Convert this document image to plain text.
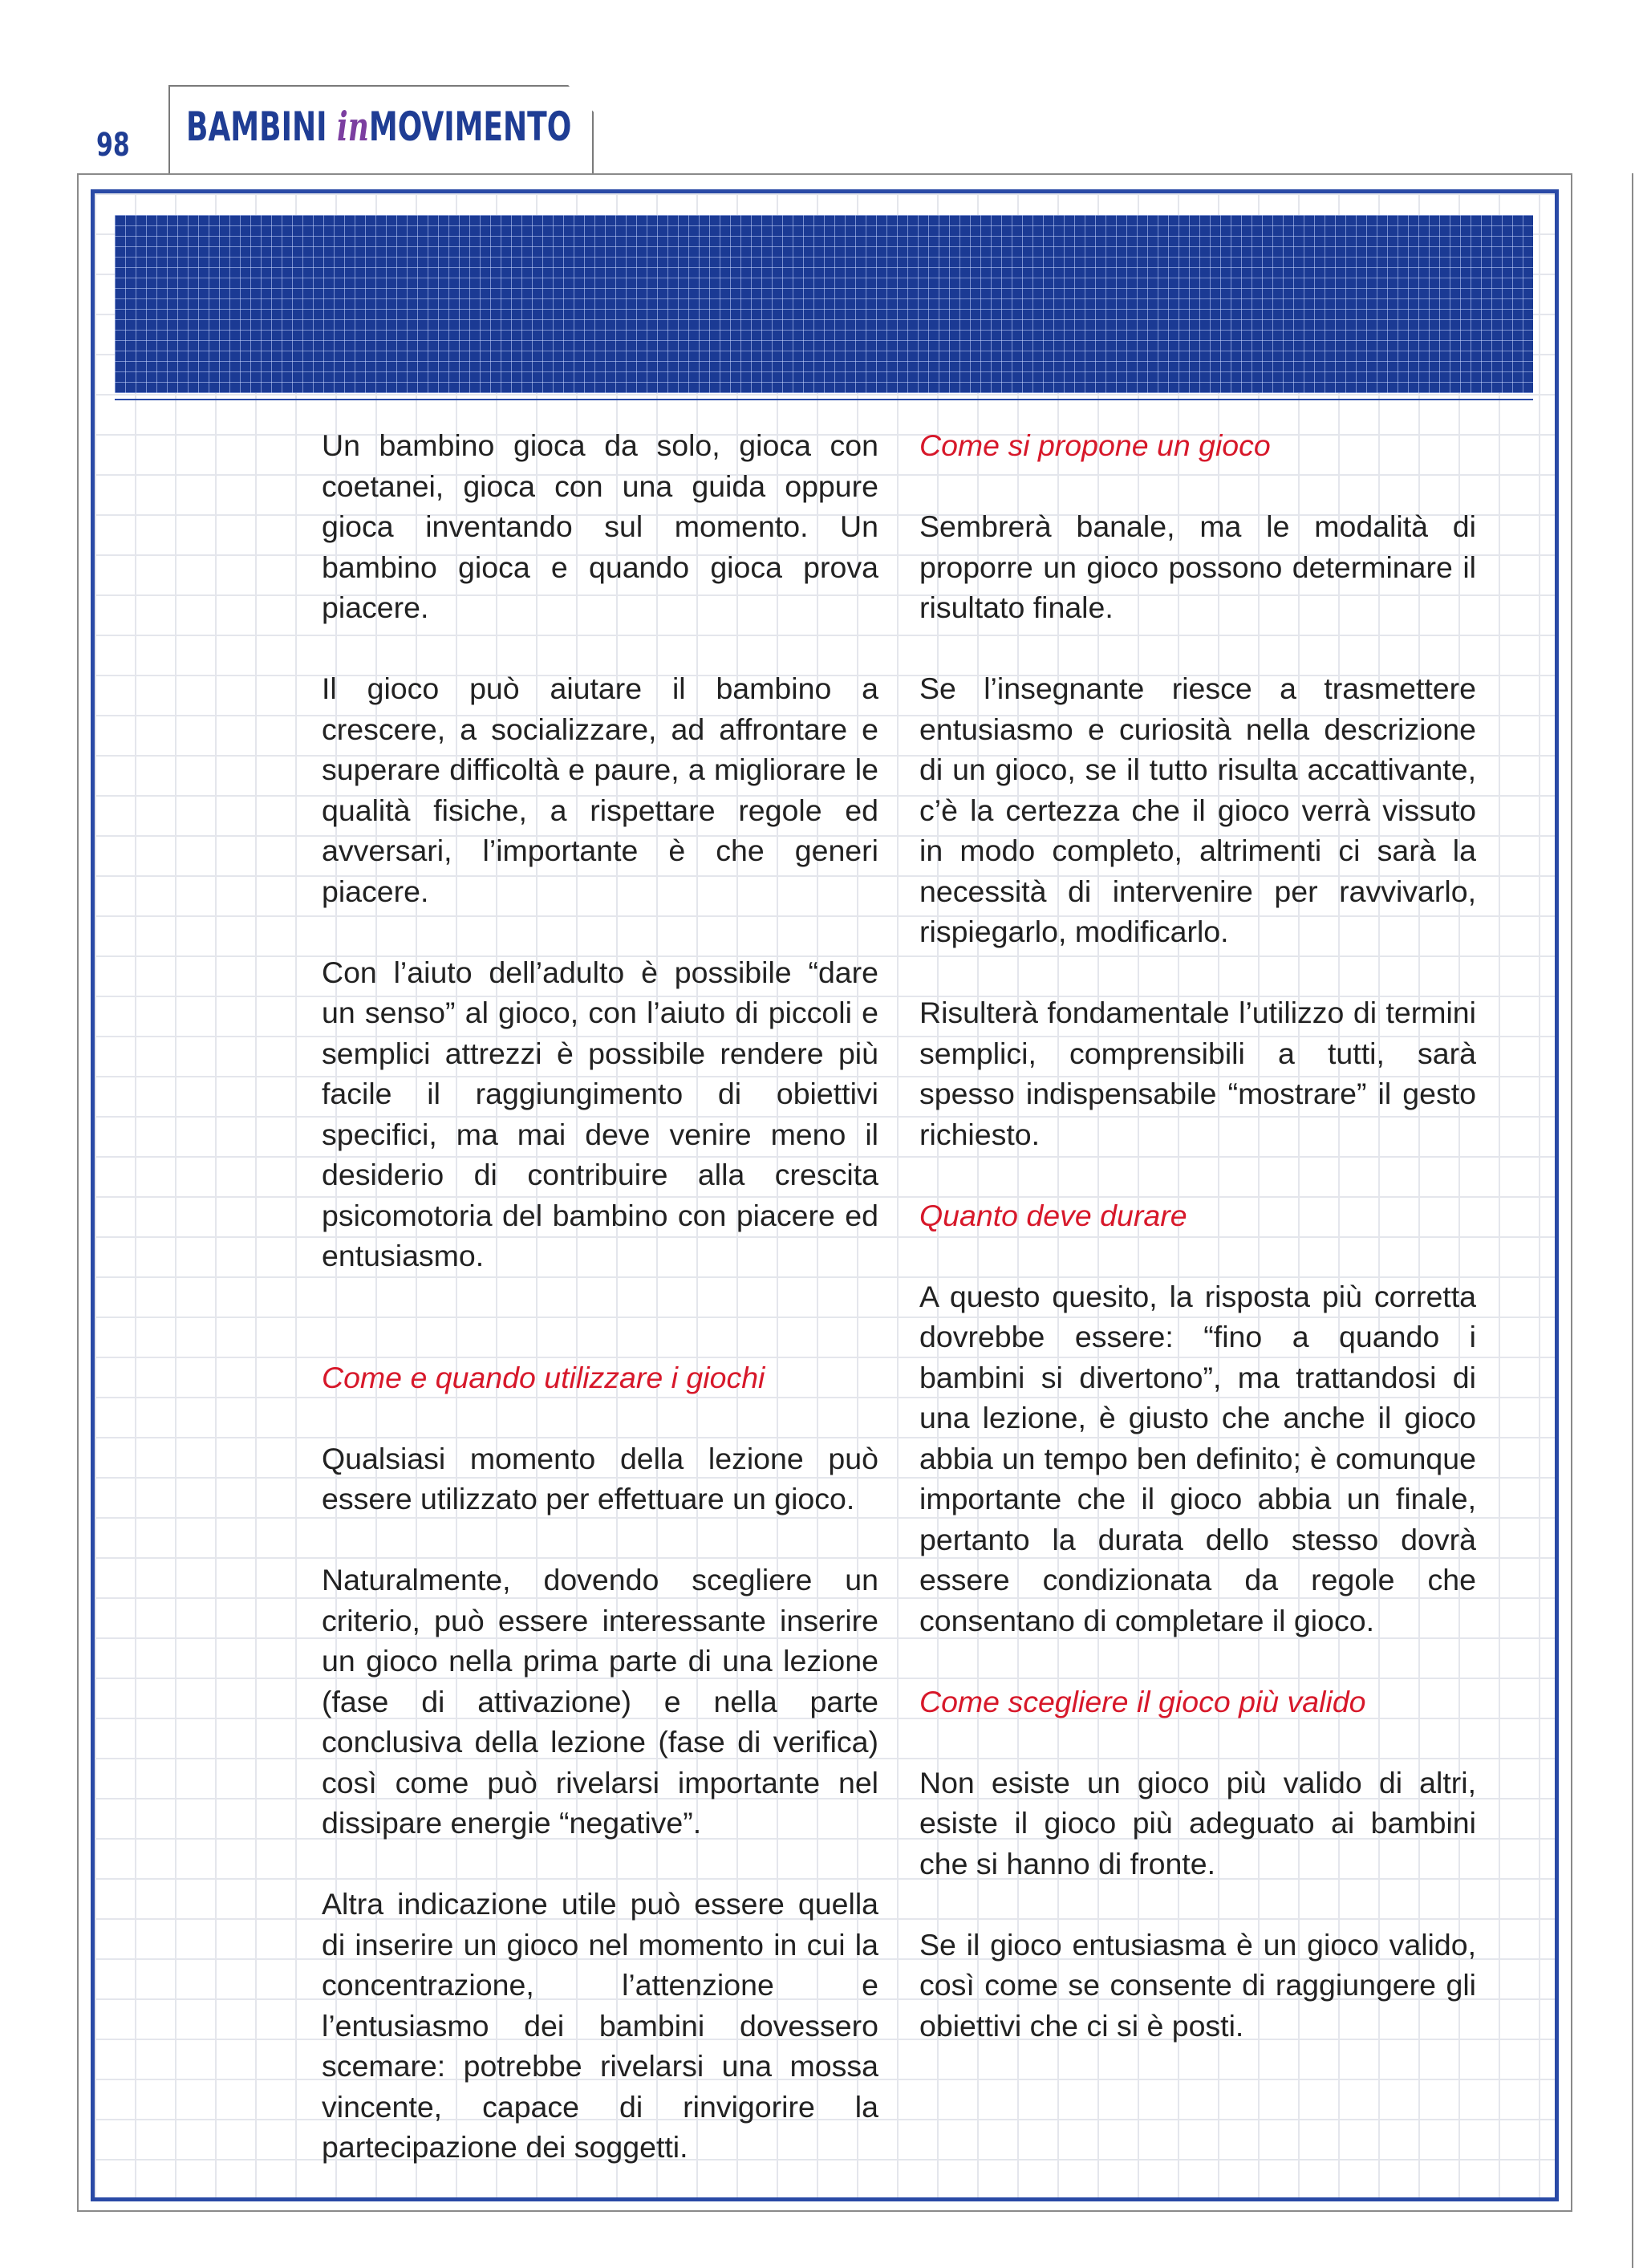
98 BAMBINI inMOVIMENTO

Un bambino gioca da solo, gioca con coetanei, gioca con una guida oppure gioca inventando sul momento. Un bambino gioca e quando gioca prova piacere.

Il gioco può aiutare il bambino a crescere, a socializzare, ad affrontare e superare difficoltà e paure, a migliorare le qualità fisiche, a rispettare regole ed avversari, l’importante è che generi piacere.

Con l’aiuto dell’adulto è possibile “dare un senso” al gioco, con l’aiuto di piccoli e semplici attrezzi è possibile rendere più facile il raggiungimento di obiettivi specifici, ma mai deve venire meno il desiderio di contribuire alla crescita psicomotoria del bambino con piacere ed entusiasmo.

Come e quando utilizzare i giochi

Qualsiasi momento della lezione può essere utilizzato per effettuare un gioco.

Naturalmente, dovendo scegliere un criterio, può essere interessante inserire un gioco nella prima parte di una lezione (fase di attivazione) e nella parte conclusiva della lezione (fase di verifica) così come può rivelarsi importante nel dissipare energie “negative”.

Altra indicazione utile può essere quella di inserire un gioco nel momento in cui la concentrazione, l’attenzione e l’entusiasmo dei bambini dovessero scemare: potrebbe rivelarsi una mossa vincente, capace di rinvigorire la partecipazione dei soggetti.

Come si propone un gioco

Sembrerà banale, ma le modalità di proporre un gioco possono determinare il risultato finale.

Se l’insegnante riesce a trasmettere entusiasmo e curiosità nella descrizione di un gioco, se il tutto risulta accattivante, c’è la certezza che il gioco verrà vissuto in modo completo, altrimenti ci sarà la necessità di intervenire per ravvivarlo, rispiegarlo, modificarlo.

Risulterà fondamentale l’utilizzo di termini semplici, comprensibili a tutti, sarà spesso indispensabile “mostrare” il gesto richiesto.

Quanto deve durare

A questo quesito, la risposta più corretta dovrebbe essere: “fino a quando i bambini si divertono”, ma trattandosi di una lezione, è giusto che anche il gioco abbia un tempo ben definito; è comunque importante che il gioco abbia un finale, pertanto la durata dello stesso dovrà essere condizionata da regole che consentano di completare il gioco.

Come scegliere il gioco più valido

Non esiste un gioco più valido di altri, esiste il gioco più adeguato ai bambini che si hanno di fronte.

Se il gioco entusiasma è un gioco valido, così come se consente di raggiungere gli obiettivi che ci si è posti.
